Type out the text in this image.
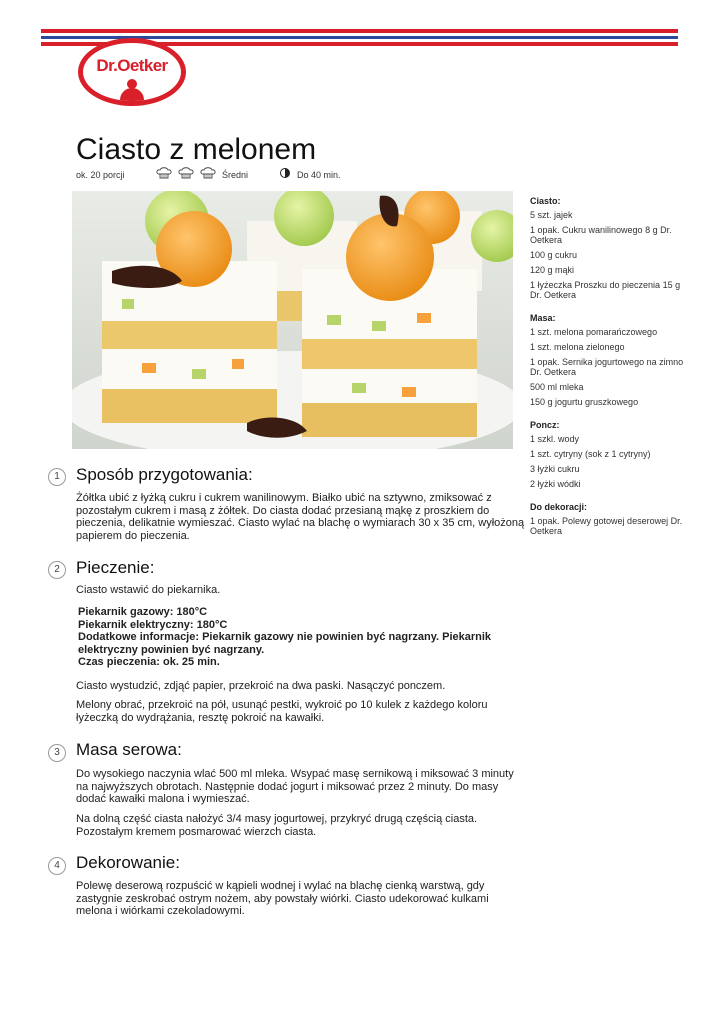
Dr.Oetker
Ciasto z melonem
ok. 20 porcji	Średni	Do 40 min.

Ciasto:

5 szt. jajek

1 opak. Cukru wanilinowego 8 g Dr. Oetkera

100 g cukru

120 g mąki

1 łyżeczka Proszku do pieczenia 15 g Dr. Oetkera

Masa:

1 szt. melona pomarańczowego

1 szt. melona zielonego

1 opak. Sernika jogurtowego na zimno Dr. Oetkera

500 ml mleka

150 g jogurtu gruszkowego

Poncz:

1 szkl. wody

1 szt. cytryny (sok z 1 cytryny)

3 łyżki cukru

2 łyżki wódki

Do dekoracji:

1 opak. Polewy gotowej deserowej Dr. Oetkera

1 Sposób przygotowania:

Żółtka ubić z łyżką cukru i cukrem wanilinowym. Białko ubić na sztywno, zmiksować z pozostałym cukrem i masą z żółtek. Do ciasta dodać przesianą mąkę z proszkiem do pieczenia, delikatnie wymieszać. Ciasto wylać na blachę o wymiarach 30 x 35 cm, wyłożoną papierem do pieczenia.

2 Pieczenie:

Ciasto wstawić do piekarnika.

Piekarnik gazowy: 180°C

Piekarnik elektryczny: 180°C

Dodatkowe informacje: Piekarnik gazowy nie powinien być nagrzany. Piekarnik elektryczny powinien być nagrzany.

Czas pieczenia: ok. 25 min.

Ciasto wystudzić, zdjąć papier, przekroić na dwa paski. Nasączyć ponczem.

Melony obrać, przekroić na pół, usunąć pestki, wykroić po 10 kulek z każdego koloru łyżeczką do wydrążania, resztę pokroić na kawałki.

3 Masa serowa:

Do wysokiego naczynia wlać 500 ml mleka. Wsypać masę sernikową i miksować 3 minuty na najwyższych obrotach. Następnie dodać jogurt i miksować przez 2 minuty. Do masy dodać kawałki malona i wymieszać.

Na dolną część ciasta nałożyć 3/4 masy jogurtowej, przykryć drugą częścią ciasta. Pozostałym kremem posmarować wierzch ciasta.

4 Dekorowanie:

Polewę deserową rozpuścić w kąpieli wodnej i wylać na blachę cienką warstwą, gdy zastygnie zeskrobać ostrym nożem, aby powstały wiórki. Ciasto udekorować kulkami melona i wiórkami czekoladowymi.
